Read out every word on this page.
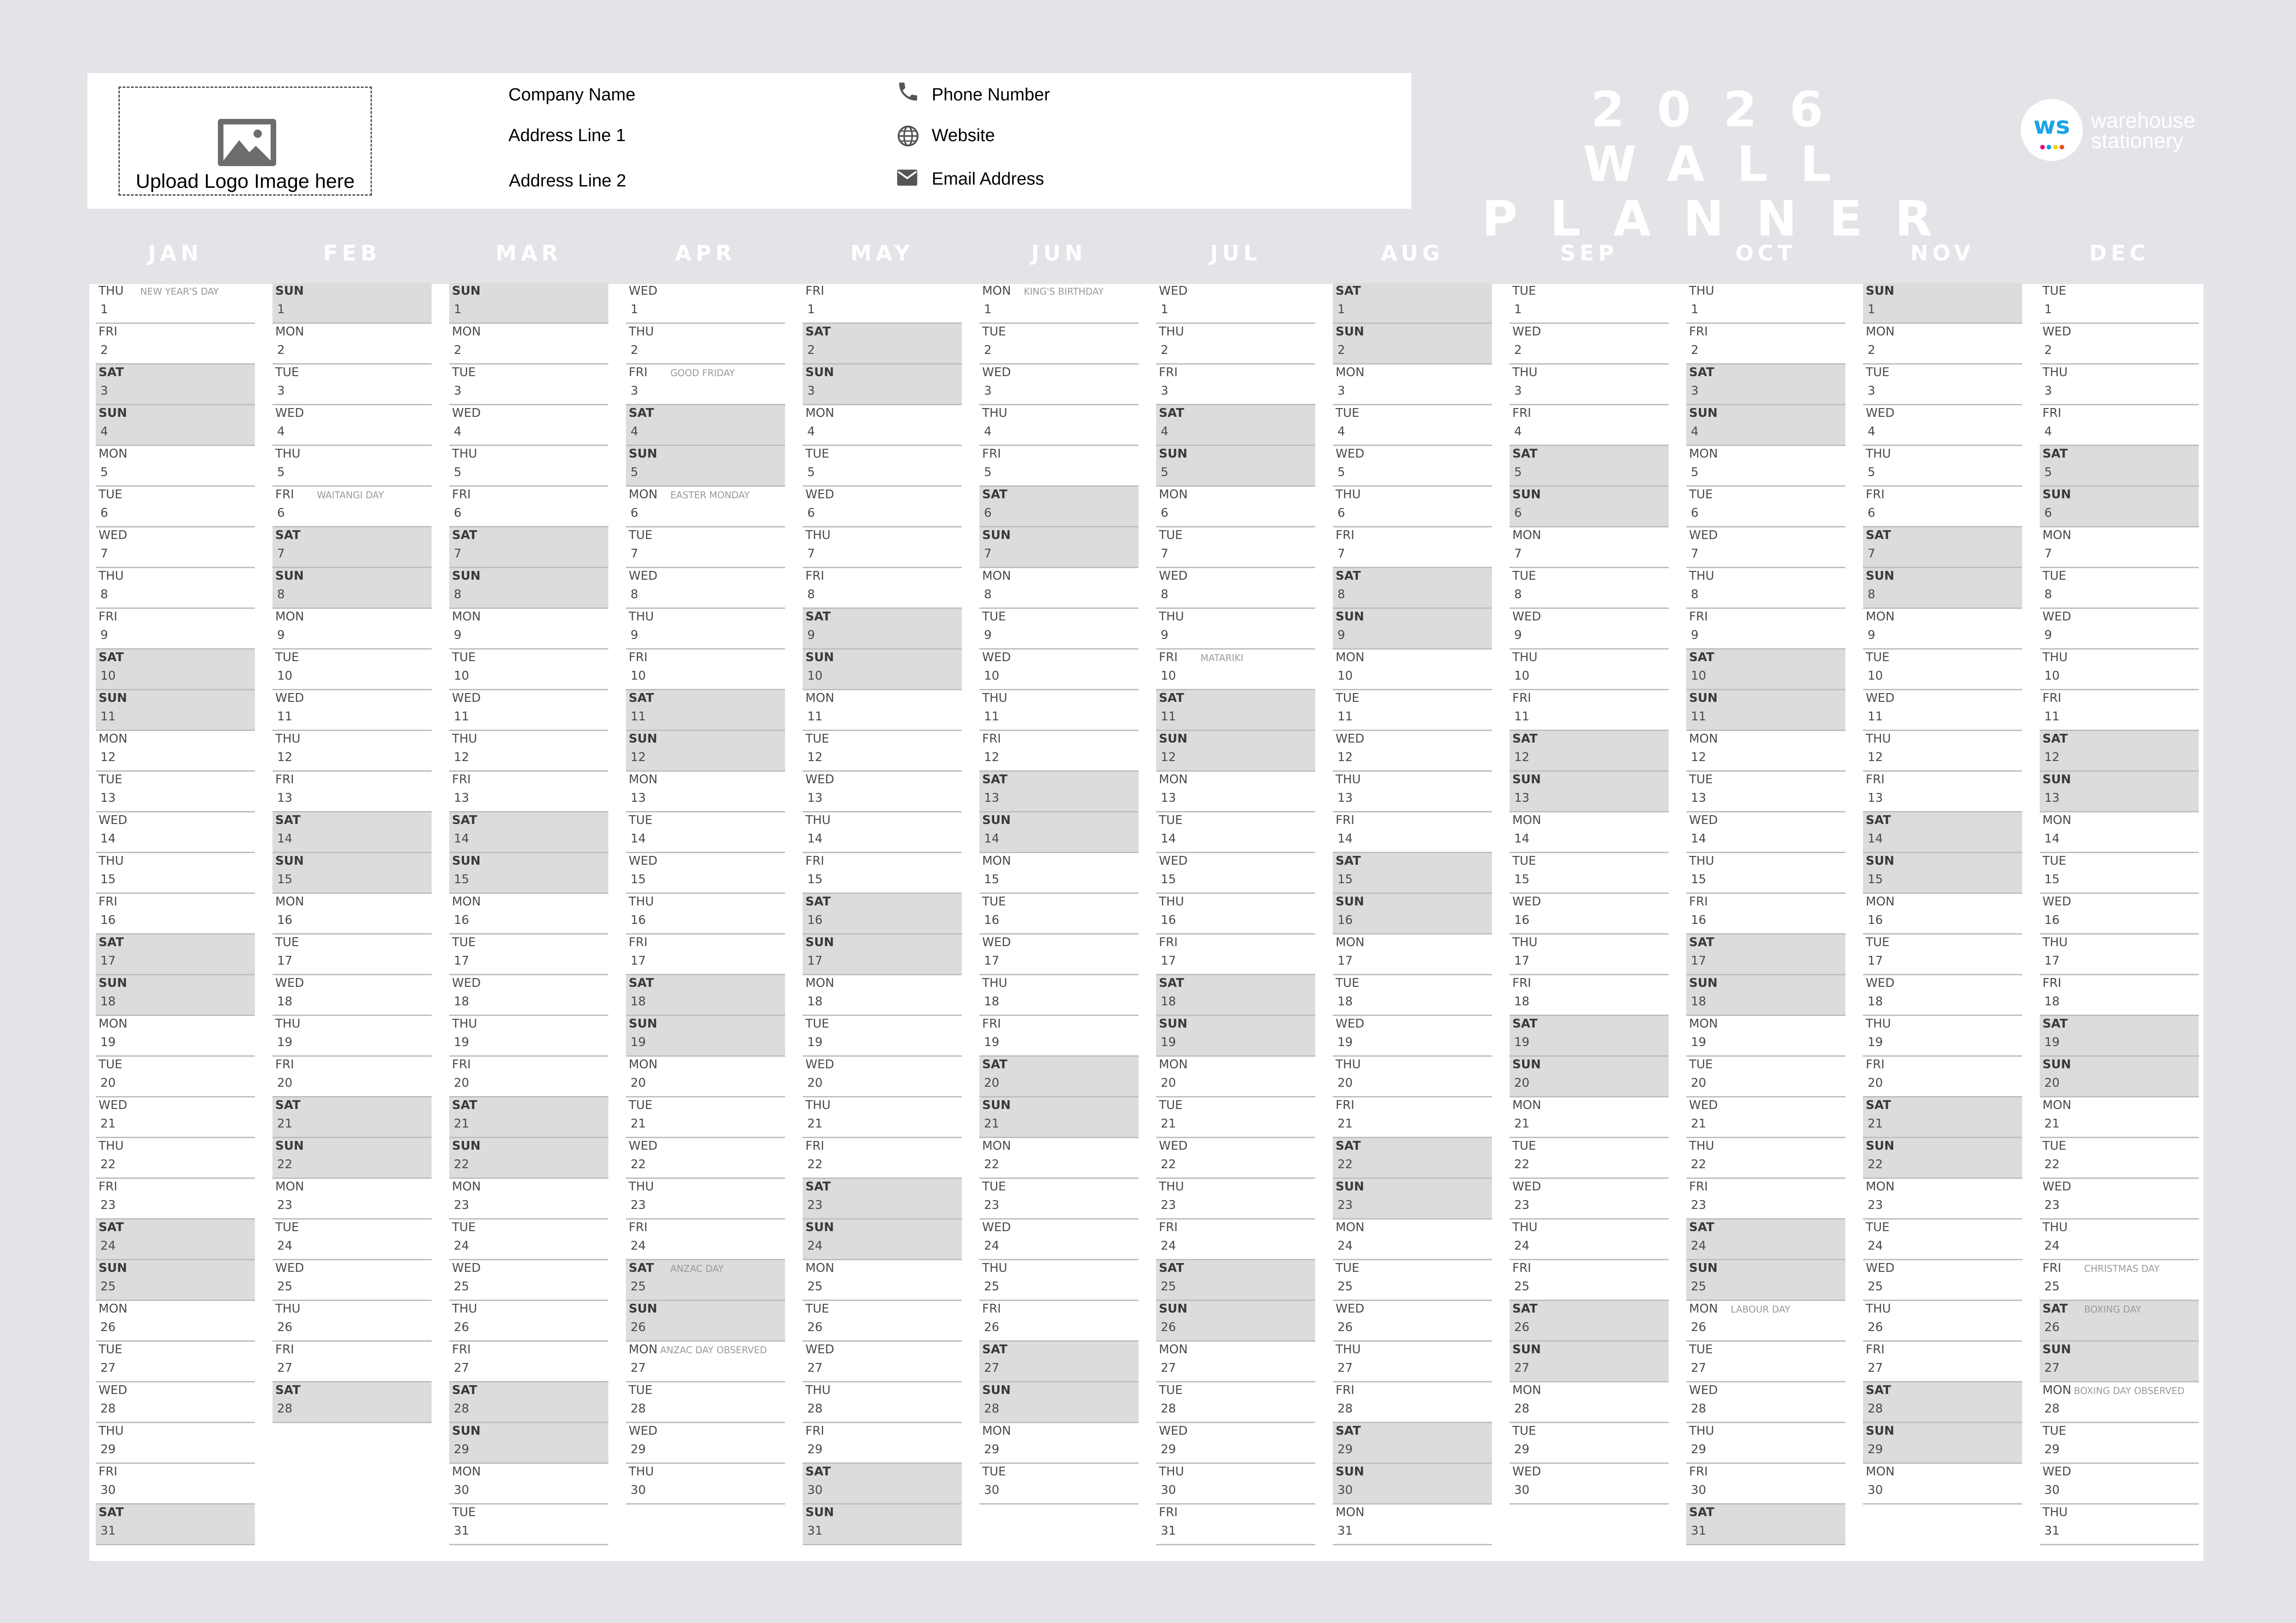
Upload Logo Image here
Company Name
Address Line 1
Address Line 2
Phone Number
Website
Email Address
2026 WALL
PLANNER
ws warehouse
stationery
JAN
THU
1
NEW YEAR'S DAY
FRI
2
SAT
3
SUN
4
MON
5
TUE
6
WED
7
THU
8
FRI
9
SAT
10
SUN
11
MON
12
TUE
13
WED
14
THU
15
FRI
16
SAT
17
SUN
18
MON
19
TUE
20
WED
21
THU
22
FRI
23
SAT
24
SUN
25
MON
26
TUE
27
WED
28
THU
29
FRI
30
SAT
31
FEB
SUN
1
MON
2
TUE
3
WED
4
THU
5
FRI
6
WAITANGI DAY
SAT
7
SUN
8
MON
9
TUE
10
WED
11
THU
12
FRI
13
SAT
14
SUN
15
MON
16
TUE
17
WED
18
THU
19
FRI
20
SAT
21
SUN
22
MON
23
TUE
24
WED
25
THU
26
FRI
27
SAT
28
MAR
SUN
1
MON
2
TUE
3
WED
4
THU
5
FRI
6
SAT
7
SUN
8
MON
9
TUE
10
WED
11
THU
12
FRI
13
SAT
14
SUN
15
MON
16
TUE
17
WED
18
THU
19
FRI
20
SAT
21
SUN
22
MON
23
TUE
24
WED
25
THU
26
FRI
27
SAT
28
SUN
29
MON
30
TUE
31
APR
WED
1
THU
2
FRI
3
GOOD FRIDAY
SAT
4
SUN
5
MON
6
EASTER MONDAY
TUE
7
WED
8
THU
9
FRI
10
SAT
11
SUN
12
MON
13
TUE
14
WED
15
THU
16
FRI
17
SAT
18
SUN
19
MON
20
TUE
21
WED
22
THU
23
FRI
24
SAT
25
ANZAC DAY
SUN
26
MON
27
ANZAC DAY OBSERVED
TUE
28
WED
29
THU
30
MAY
FRI
1
SAT
2
SUN
3
MON
4
TUE
5
WED
6
THU
7
FRI
8
SAT
9
SUN
10
MON
11
TUE
12
WED
13
THU
14
FRI
15
SAT
16
SUN
17
MON
18
TUE
19
WED
20
THU
21
FRI
22
SAT
23
SUN
24
MON
25
TUE
26
WED
27
THU
28
FRI
29
SAT
30
SUN
31
JUN
MON
1
KING'S BIRTHDAY
TUE
2
WED
3
THU
4
FRI
5
SAT
6
SUN
7
MON
8
TUE
9
WED
10
THU
11
FRI
12
SAT
13
SUN
14
MON
15
TUE
16
WED
17
THU
18
FRI
19
SAT
20
SUN
21
MON
22
TUE
23
WED
24
THU
25
FRI
26
SAT
27
SUN
28
MON
29
TUE
30
JUL
WED
1
THU
2
FRI
3
SAT
4
SUN
5
MON
6
TUE
7
WED
8
THU
9
FRI
10
MATARIKI
SAT
11
SUN
12
MON
13
TUE
14
WED
15
THU
16
FRI
17
SAT
18
SUN
19
MON
20
TUE
21
WED
22
THU
23
FRI
24
SAT
25
SUN
26
MON
27
TUE
28
WED
29
THU
30
FRI
31
AUG
SAT
1
SUN
2
MON
3
TUE
4
WED
5
THU
6
FRI
7
SAT
8
SUN
9
MON
10
TUE
11
WED
12
THU
13
FRI
14
SAT
15
SUN
16
MON
17
TUE
18
WED
19
THU
20
FRI
21
SAT
22
SUN
23
MON
24
TUE
25
WED
26
THU
27
FRI
28
SAT
29
SUN
30
MON
31
SEP
TUE
1
WED
2
THU
3
FRI
4
SAT
5
SUN
6
MON
7
TUE
8
WED
9
THU
10
FRI
11
SAT
12
SUN
13
MON
14
TUE
15
WED
16
THU
17
FRI
18
SAT
19
SUN
20
MON
21
TUE
22
WED
23
THU
24
FRI
25
SAT
26
SUN
27
MON
28
TUE
29
WED
30
OCT
THU
1
FRI
2
SAT
3
SUN
4
MON
5
TUE
6
WED
7
THU
8
FRI
9
SAT
10
SUN
11
MON
12
TUE
13
WED
14
THU
15
FRI
16
SAT
17
SUN
18
MON
19
TUE
20
WED
21
THU
22
FRI
23
SAT
24
SUN
25
MON
26
LABOUR DAY
TUE
27
WED
28
THU
29
FRI
30
SAT
31
NOV
SUN
1
MON
2
TUE
3
WED
4
THU
5
FRI
6
SAT
7
SUN
8
MON
9
TUE
10
WED
11
THU
12
FRI
13
SAT
14
SUN
15
MON
16
TUE
17
WED
18
THU
19
FRI
20
SAT
21
SUN
22
MON
23
TUE
24
WED
25
THU
26
FRI
27
SAT
28
SUN
29
MON
30
DEC
TUE
1
WED
2
THU
3
FRI
4
SAT
5
SUN
6
MON
7
TUE
8
WED
9
THU
10
FRI
11
SAT
12
SUN
13
MON
14
TUE
15
WED
16
THU
17
FRI
18
SAT
19
SUN
20
MON
21
TUE
22
WED
23
THU
24
FRI
25
CHRISTMAS DAY
SAT
26
BOXING DAY
SUN
27
MON
28
BOXING DAY OBSERVED
TUE
29
WED
30
THU
31
